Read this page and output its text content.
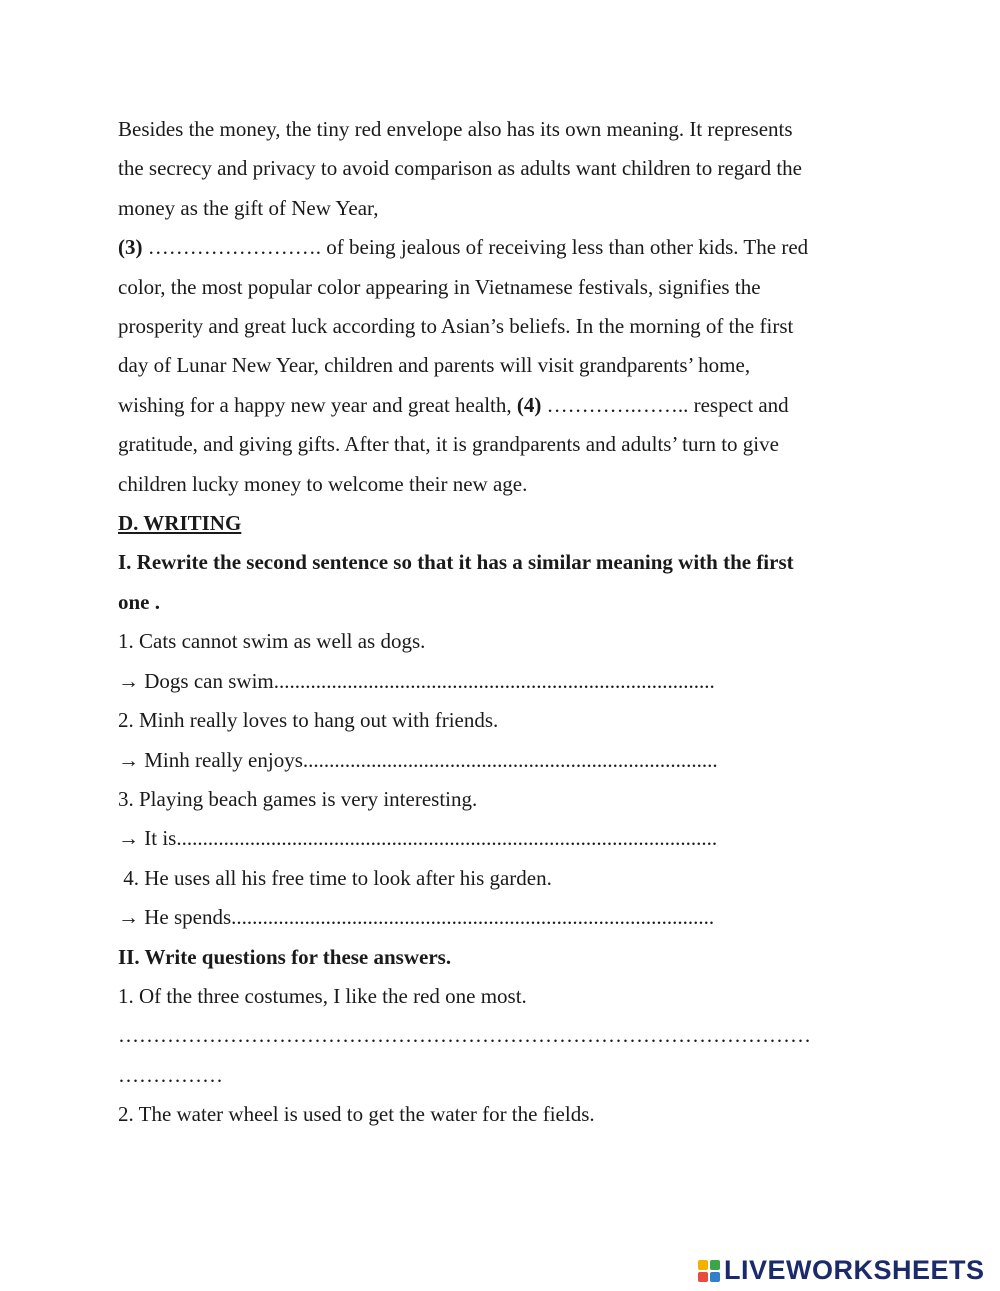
Besides the money, the tiny red envelope also has its own meaning. It represents
the secrecy and privacy to avoid comparison as adults want children to regard the
money as the gift of New Year,
(3) ……………………. of being jealous of receiving less than other kids. The red
color, the most popular color appearing in Vietnamese festivals, signifies the
prosperity and great luck according to Asian’s beliefs. In the morning of the first
day of Lunar New Year, children and parents will visit grandparents’ home,
wishing for a happy new year and great health, (4) ………….…….. respect and
gratitude, and giving gifts. After that, it is grandparents and adults’ turn to give
children lucky money to welcome their new age.
D. WRITING
I. Rewrite the second sentence so that it has a similar meaning with the first
one .
1. Cats cannot swim as well as dogs.
→ Dogs can swim....................................................................................
2. Minh really loves to hang out with friends.
→ Minh really enjoys...............................................................................
3. Playing beach games is very interesting.
→ It is.......................................................................................................
4. He uses all his free time to look after his garden.
→ He spends............................................................................................
II. Write questions for these answers.
1. Of the three costumes, I like the red one most.
………………………………………………………………………………………
……………
2. The water wheel is used to get the water for the fields.
LIVEWORKSHEETS
